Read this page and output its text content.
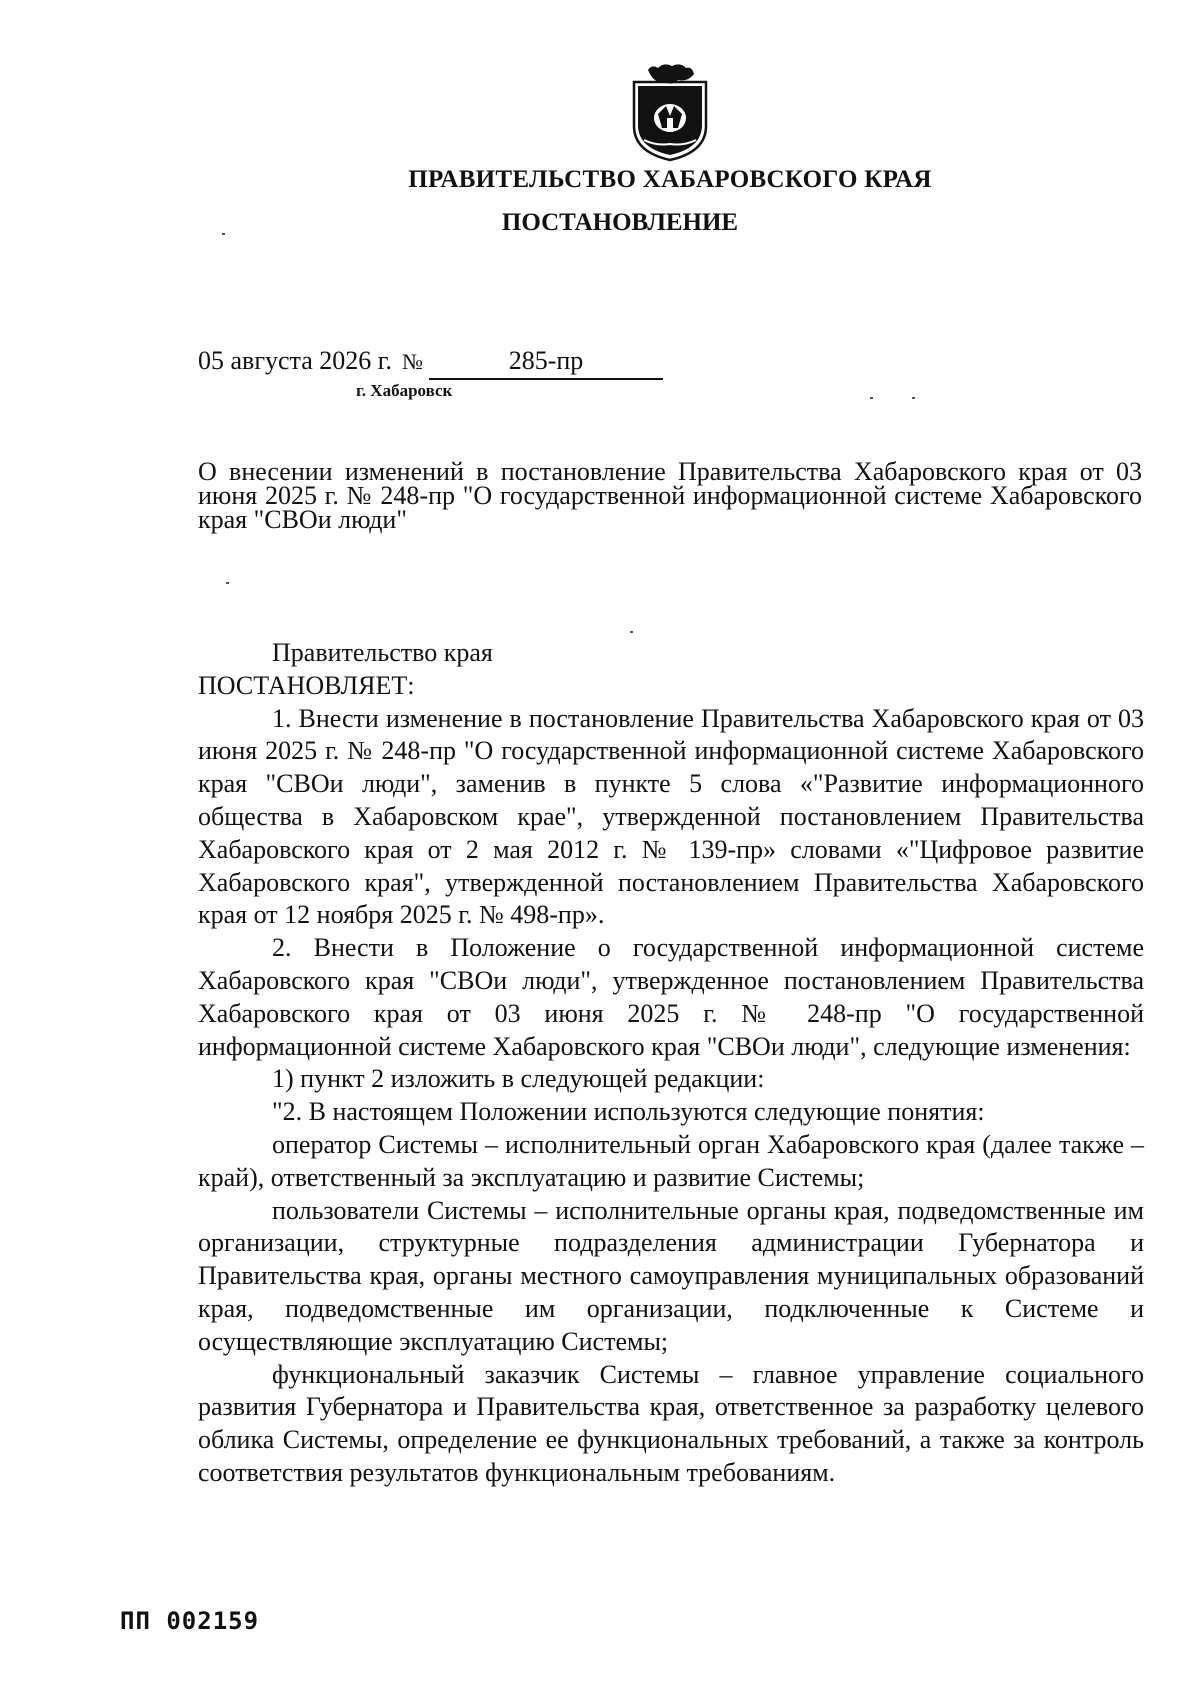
ПРАВИТЕЛЬСТВО ХАБАРОВСКОГО КРАЯ
ПОСТАНОВЛЕНИЕ
05 августа 2026 г. №	285-пр
г. Хабаровск
О внесении изменений в постановление Правительства Хабаровского края от 03 июня 2025 г. № 248-пр "О государственной информационной системе Хабаровского края "СВОи люди"

Правительство края

ПОСТАНОВЛЯЕТ:

1. Внести изменение в постановление Правительства Хабаровского края от 03 июня 2025 г. № 248-пр "О государственной информационной системе Хабаровского края "СВОи люди", заменив в пункте 5 слова «"Развитие информационного общества в Хабаровском крае", утвержденной постановлением Правительства Хабаровского края от 2 мая 2012 г. № 139-пр» словами «"Цифровое развитие Хабаровского края", утвержденной постановлением Правительства Хабаровского края от 12 ноября 2025 г. № 498-пр».

2. Внести в Положение о государственной информационной системе Хабаровского края "СВОи люди", утвержденное постановлением Правительства Хабаровского края от 03 июня 2025 г. № 248-пр "О государственной информационной системе Хабаровского края "СВОи люди", следующие изменения:

1) пункт 2 изложить в следующей редакции:

"2. В настоящем Положении используются следующие понятия:

оператор Системы – исполнительный орган Хабаровского края (далее также – край), ответственный за эксплуатацию и развитие Системы;

пользователи Системы – исполнительные органы края, подведомственные им организации, структурные подразделения администрации Губернатора и Правительства края, органы местного самоуправления муниципальных образований края, подведомственные им организации, подключенные к Системе и осуществляющие эксплуатацию Системы;

функциональный заказчик Системы – главное управление социального развития Губернатора и Правительства края, ответственное за разработку целевого облика Системы, определение ее функциональных требований, а также за контроль соответствия результатов функциональным требованиям.

ПП 002159
